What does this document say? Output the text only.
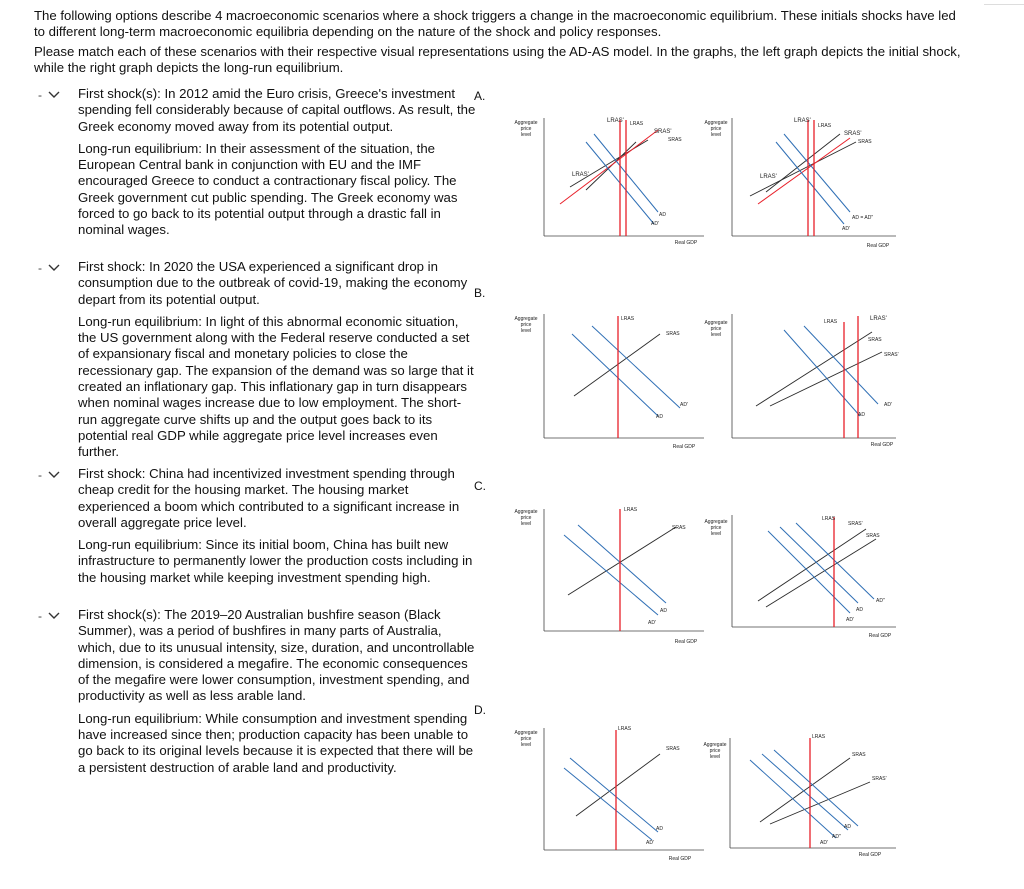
The following options describe 4 macroeconomic scenarios where a shock triggers a change in the macroeconomic equilibrium. These initials shocks have led to different long-term macroeconomic equilibria depending on the nature of the shock and policy responses.

Please match each of these scenarios with their respective visual representations using the AD-AS model. In the graphs, the left graph depicts the initial shock, while the right graph depicts the long-run equilibrium.

-	First shock(s): In 2012 amid the Euro crisis, Greece's investment spending fell considerably because of capital outflows. As result, the Greek economy moved away from its potential output.

Long-run equilibrium: In their assessment of the situation, the European Central bank in conjunction with EU and the IMF encouraged Greece to conduct a contractionary fiscal policy. The Greek government cut public spending. The Greek economy was forced to go back to its potential output through a drastic fall in nominal wages.

-	First shock: In 2020 the USA experienced a significant drop in consumption due to the outbreak of covid-19, making the economy depart from its potential output.

Long-run equilibrium: In light of this abnormal economic situation, the US government along with the Federal reserve conducted a set of expansionary fiscal and monetary policies to close the recessionary gap. The expansion of the demand was so large that it created an inflationary gap. This inflationary gap in turn disappears when nominal wages increase due to low employment. The short-run aggregate curve shifts up and the output goes back to its potential real GDP while aggregate price level increases even further.

-	First shock: China had incentivized investment spending through cheap credit for the housing market. The housing market experienced a boom which contributed to a significant increase in overall aggregate price level.

Long-run equilibrium: Since its initial boom, China has built new infrastructure to permanently lower the production costs including in the housing market while keeping investment spending high.

-	First shock(s): The 2019–20 Australian bushfire season (Black Summer), was a period of bushfires in many parts of Australia, which, due to its unusual intensity, size, duration, and uncontrollable dimension, is considered a megafire. The economic consequences of the megafire were lower consumption, investment spending, and productivity as well as less arable land.

Long-run equilibrium: While consumption and investment spending have increased since then; production capacity has been unable to go back to its original levels because it is expected that there will be a persistent destruction of arable land and productivity.

A.
B.
C.
D.
Aggregate
price
level
Real GDP
LRAS' LRAS
SRAS'
SRAS
LRAS'
AD
AD'
Aggregate
price
level
Real GDP
LRAS'
LRAS
SRAS'
SRAS
LRAS'
AD = AD''
AD'
Aggregate
price
level
Real GDP
LRAS
SRAS
AD'
AD
Aggregate
price
level
Real GDP
LRAS	LRAS'
SRAS
SRAS'
AD'
AD
Aggregate
price
level
Real GDP
LRAS
SRAS
AD
AD'
Aggregate
price
level
Real GDP
LRAS
SRAS'
SRAS
AD''
AD
AD'
Aggregate
price
level
Real GDP
LRAS
SRAS
AD
AD'
Aggregate
price
level
Real GDP
LRAS
SRAS
SRAS'
AD
AD'
AD''
